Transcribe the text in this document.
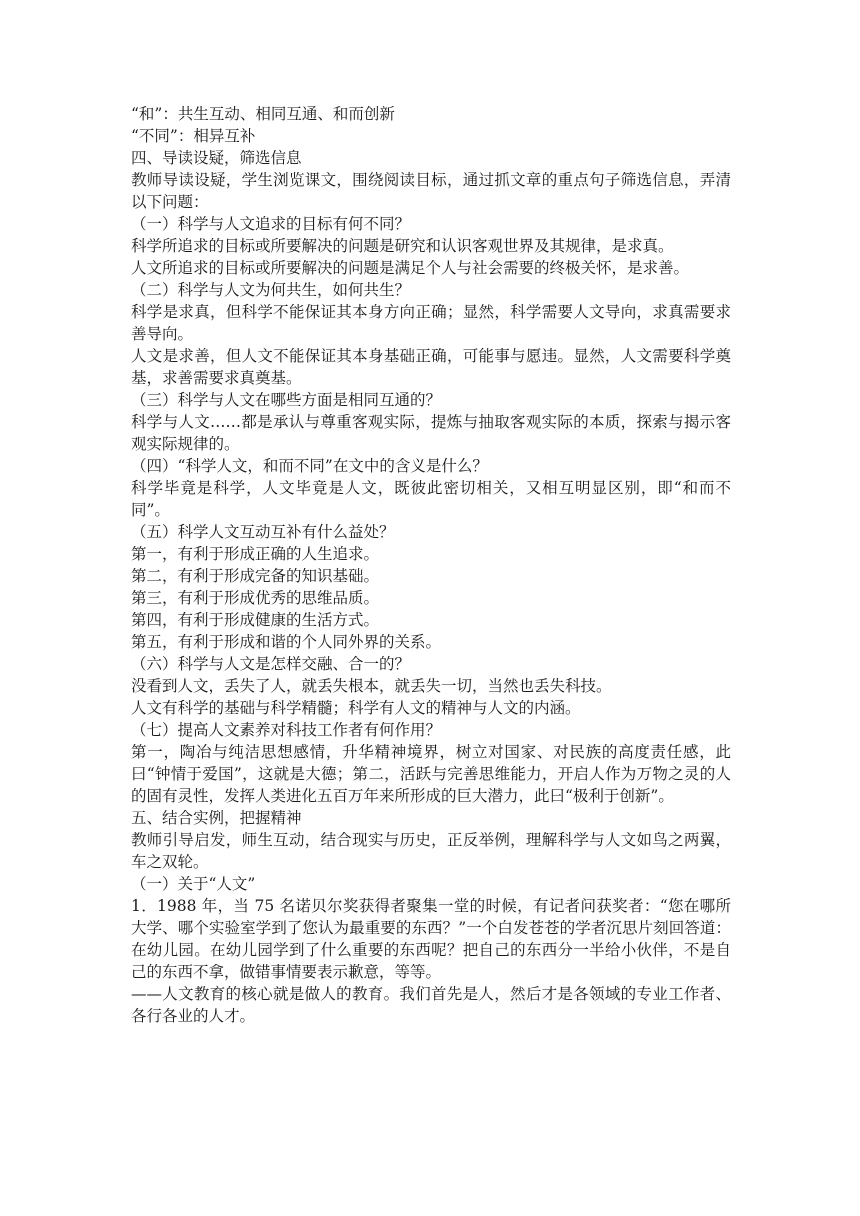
“和”：共生互动、相同互通、和而创新

“不同”：相异互补

四、导读设疑，筛选信息

教师导读设疑，学生浏览课文，围绕阅读目标，通过抓文章的重点句子筛选信息，弄清以下问题：

（一）科学与人文追求的目标有何不同？

科学所追求的目标或所要解决的问题是研究和认识客观世界及其规律，是求真。

人文所追求的目标或所要解决的问题是满足个人与社会需要的终极关怀，是求善。

（二）科学与人文为何共生，如何共生？

科学是求真，但科学不能保证其本身方向正确；显然，科学需要人文导向，求真需要求善导向。

人文是求善，但人文不能保证其本身基础正确，可能事与愿违。显然，人文需要科学奠基，求善需要求真奠基。

（三）科学与人文在哪些方面是相同互通的？

科学与人文……都是承认与尊重客观实际，提炼与抽取客观实际的本质，探索与揭示客观实际规律的。

（四）“科学人文，和而不同”在文中的含义是什么？

科学毕竟是科学，人文毕竟是人文，既彼此密切相关，又相互明显区别，即“和而不同”。

（五）科学人文互动互补有什么益处？

第一，有利于形成正确的人生追求。

第二，有利于形成完备的知识基础。

第三，有利于形成优秀的思维品质。

第四，有利于形成健康的生活方式。

第五，有利于形成和谐的个人同外界的关系。

（六）科学与人文是怎样交融、合一的？

没看到人文，丢失了人，就丢失根本，就丢失一切，当然也丢失科技。

人文有科学的基础与科学精髓；科学有人文的精神与人文的内涵。

（七）提高人文素养对科技工作者有何作用？

第一，陶冶与纯洁思想感情，升华精神境界，树立对国家、对民族的高度责任感，此曰“钟情于爱国”，这就是大德；第二，活跃与完善思维能力，开启人作为万物之灵的人的固有灵性，发挥人类进化五百万年来所形成的巨大潜力，此曰“极利于创新”。

五、结合实例，把握精神

教师引导启发，师生互动，结合现实与历史，正反举例，理解科学与人文如鸟之两翼，车之双轮。

（一）关于“人文”

1．1988 年，当 75 名诺贝尔奖获得者聚集一堂的时候，有记者问获奖者：“您在哪所大学、哪个实验室学到了您认为最重要的东西？”一个白发苍苍的学者沉思片刻回答道：在幼儿园。在幼儿园学到了什么重要的东西呢？把自己的东西分一半给小伙伴，不是自己的东西不拿，做错事情要表示歉意，等等。

——人文教育的核心就是做人的教育。我们首先是人，然后才是各领域的专业工作者、各行各业的人才。
